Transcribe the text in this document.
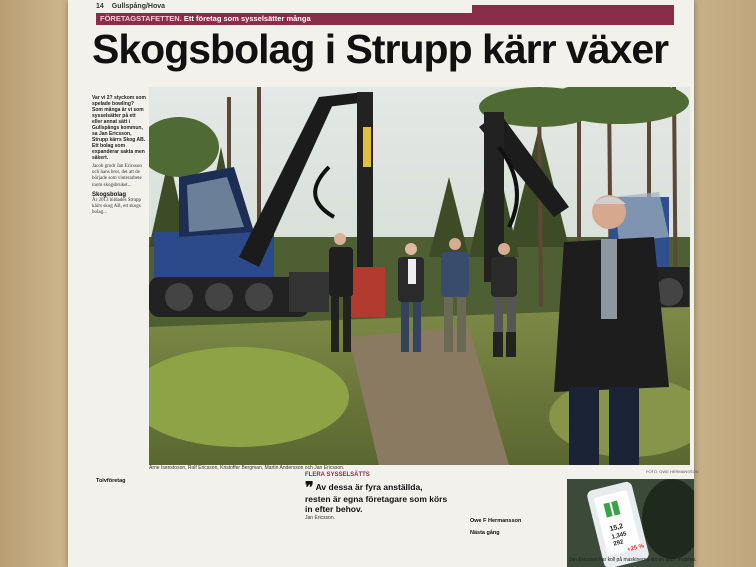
14 Gullspång/Hova
FÖRETAGSTAFETTEN. Ett företag som sysselsätter många
Skogsbolag i Strupp kärr växer
Var vi 2? styckom som spelade bowling? Som många är vi som sysselsätter på ett eller annat sätt i Gullspångs kommun, sa Jan Ericsson, Strupp kärrs Skog AB. Ett bolag som expanderar sakta men säkert.
Jacob grodr Jan Ericsson och hans bror, det att de började som vinterarbete inom skogsbruket...
Skogsbolag
År 2013 bildades Strupp kärrs skog AB, ett skogs bolag...
Arne Isenstoson, Rolf Ericsson, Kristoffer Bergman, Martin Andersson och Jan Ericsson.
FOTO: OWE HERMANSSON
Tolvföretag
FLERA SYSSELSÄTTS
❞ Av dessa är fyra anställda, resten är egna företagare som körs in efter behov.
Jan Ericsson.	Owe F Hermansson
Nästa gång
15,2
1,345
292 +25 %
Jan Ericsson har koll på maskinerna via en app i mobilen.
